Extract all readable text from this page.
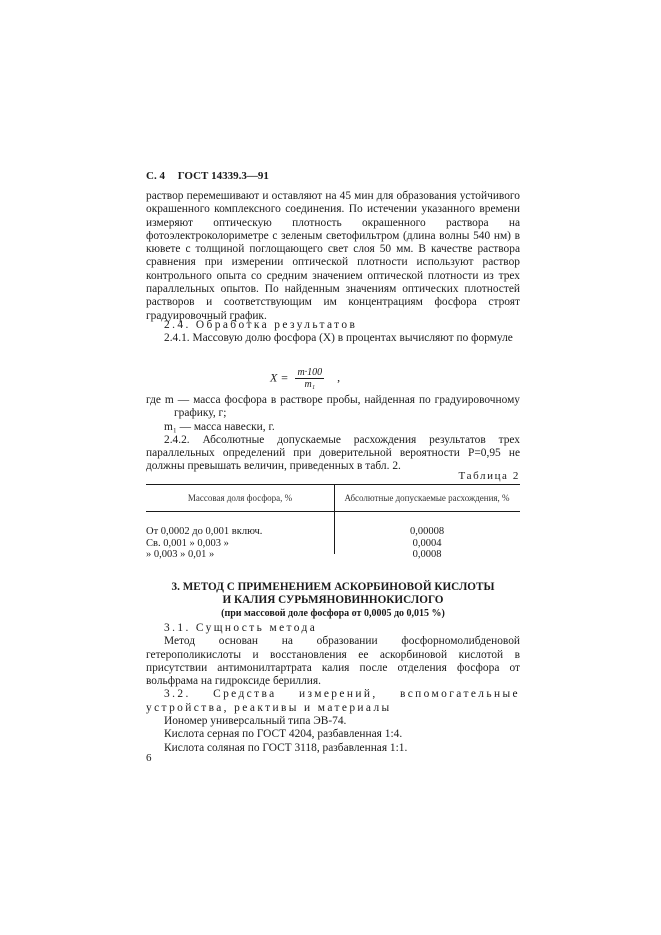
С. 4 ГОСТ 14339.3—91

раствор перемешивают и оставляют на 45 мин для образования устойчивого окрашенного комплексного соединения. По истечении указанного времени измеряют оптическую плотность окрашенного раствора на фотоэлектроколориметре с зеленым светофильтром (длина волны 540 нм) в кювете с толщиной поглощающего свет слоя 50 мм. В качестве раствора сравнения при измерении оптической плотности используют раствор контрольного опыта со средним значением оптической плотности из трех параллельных опытов. По найденным значениям оптических плотностей растворов и соответствующим им концентрациям фосфора строят градуировочный график.

2.4. Обработка результатов

2.4.1. Массовую долю фосфора (X) в процентах вычисляют по формуле

$X = \frac{m\cdot 100}{\text{m₁}}$ ,

где m — масса фосфора в растворе пробы, найденная по градуировочному графику, г;

m₁ — масса навески, г.

2.4.2. Абсолютные допускаемые расхождения результатов трех параллельных определений при доверительной вероятности P=0,95 не должны превышать величин, приведенных в табл. 2.

Таблица 2
Массовая доля фосфора, %	Абсолютные допускаемые расхождения, %
От 0,0002 до 0,001 включ.
Св. 0,001 » 0,003 »
» 0,003 » 0,01 »
0,00008
0,0004
0,0008
3. МЕТОД С ПРИМЕНЕНИЕМ АСКОРБИНОВОЙ КИСЛОТЫ
И КАЛИЯ СУРЬМЯНОВИННОКИСЛОГО
(при массовой доле фосфора от 0,0005 до 0,015 %)

3.1. Сущность метода

Метод основан на образовании фосфорномолибденовой гетерополикислоты и восстановления ее аскорбиновой кислотой в присутствии антимонилтартрата калия после отделения фосфора от вольфрама на гидроксиде бериллия.

3.2. Средства измерений, вспомогательные устройства, реактивы и материалы

Иономер универсальный типа ЭВ-74.

Кислота серная по ГОСТ 4204, разбавленная 1:4.

Кислота соляная по ГОСТ 3118, разбавленная 1:1.

6
